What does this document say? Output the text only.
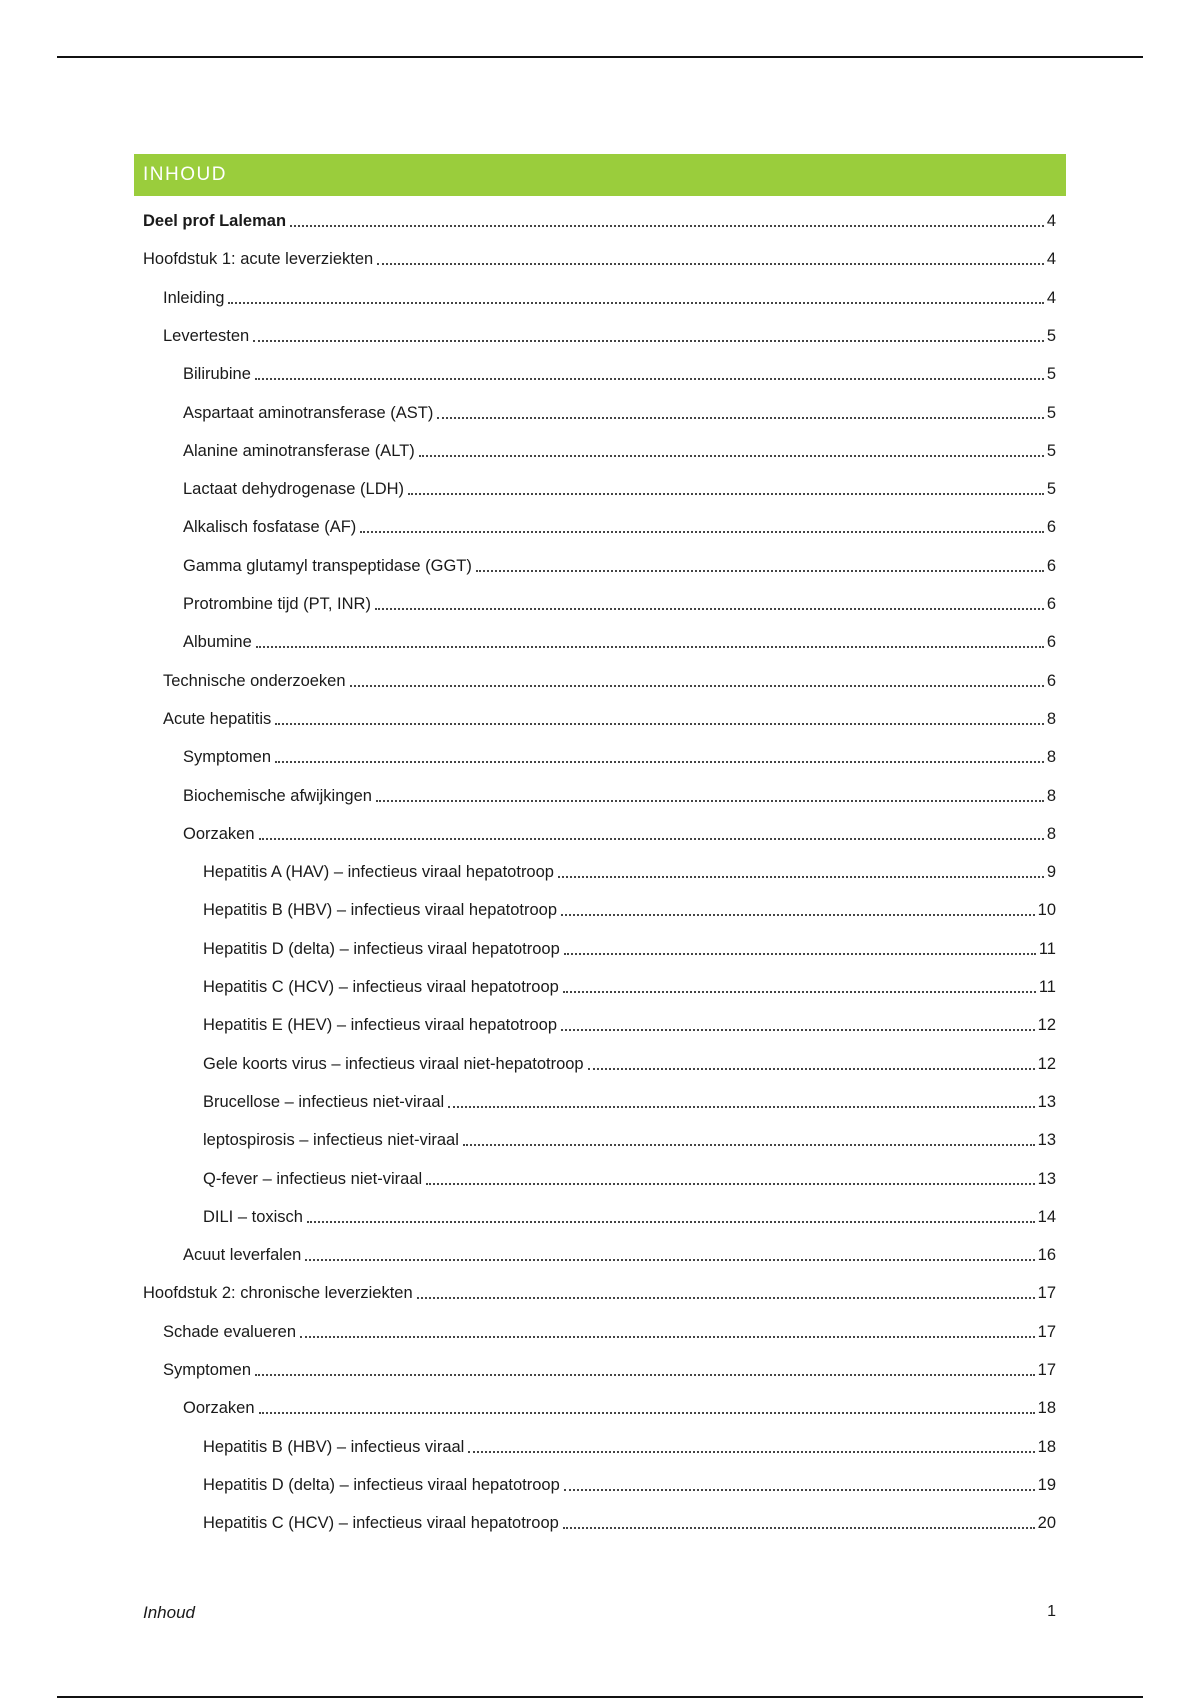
INHOUD
Deel prof Laleman	4
Hoofdstuk 1: acute leverziekten	4
Inleiding	4
Levertesten	5
Bilirubine	5
Aspartaat aminotransferase (AST)	5
Alanine aminotransferase (ALT)	5
Lactaat dehydrogenase (LDH)	5
Alkalisch fosfatase (AF)	6
Gamma glutamyl transpeptidase (GGT)	6
Protrombine tijd (PT, INR)	6
Albumine	6
Technische onderzoeken	6
Acute hepatitis	8
Symptomen	8
Biochemische afwijkingen	8
Oorzaken	8
Hepatitis A (HAV) – infectieus viraal hepatotroop	9
Hepatitis B (HBV) – infectieus viraal hepatotroop	10
Hepatitis D (delta) – infectieus viraal hepatotroop	11
Hepatitis C (HCV) – infectieus viraal hepatotroop	11
Hepatitis E (HEV) – infectieus viraal hepatotroop	12
Gele koorts virus – infectieus viraal niet-hepatotroop	12
Brucellose – infectieus niet-viraal	13
leptospirosis – infectieus niet-viraal	13
Q-fever – infectieus niet-viraal	13
DILI – toxisch	14
Acuut leverfalen	16
Hoofdstuk 2: chronische leverziekten	17
Schade evalueren	17
Symptomen	17
Oorzaken	18
Hepatitis B (HBV) – infectieus viraal	18
Hepatitis D (delta) – infectieus viraal hepatotroop	19
Hepatitis C (HCV) – infectieus viraal hepatotroop	20
Inhoud	1
